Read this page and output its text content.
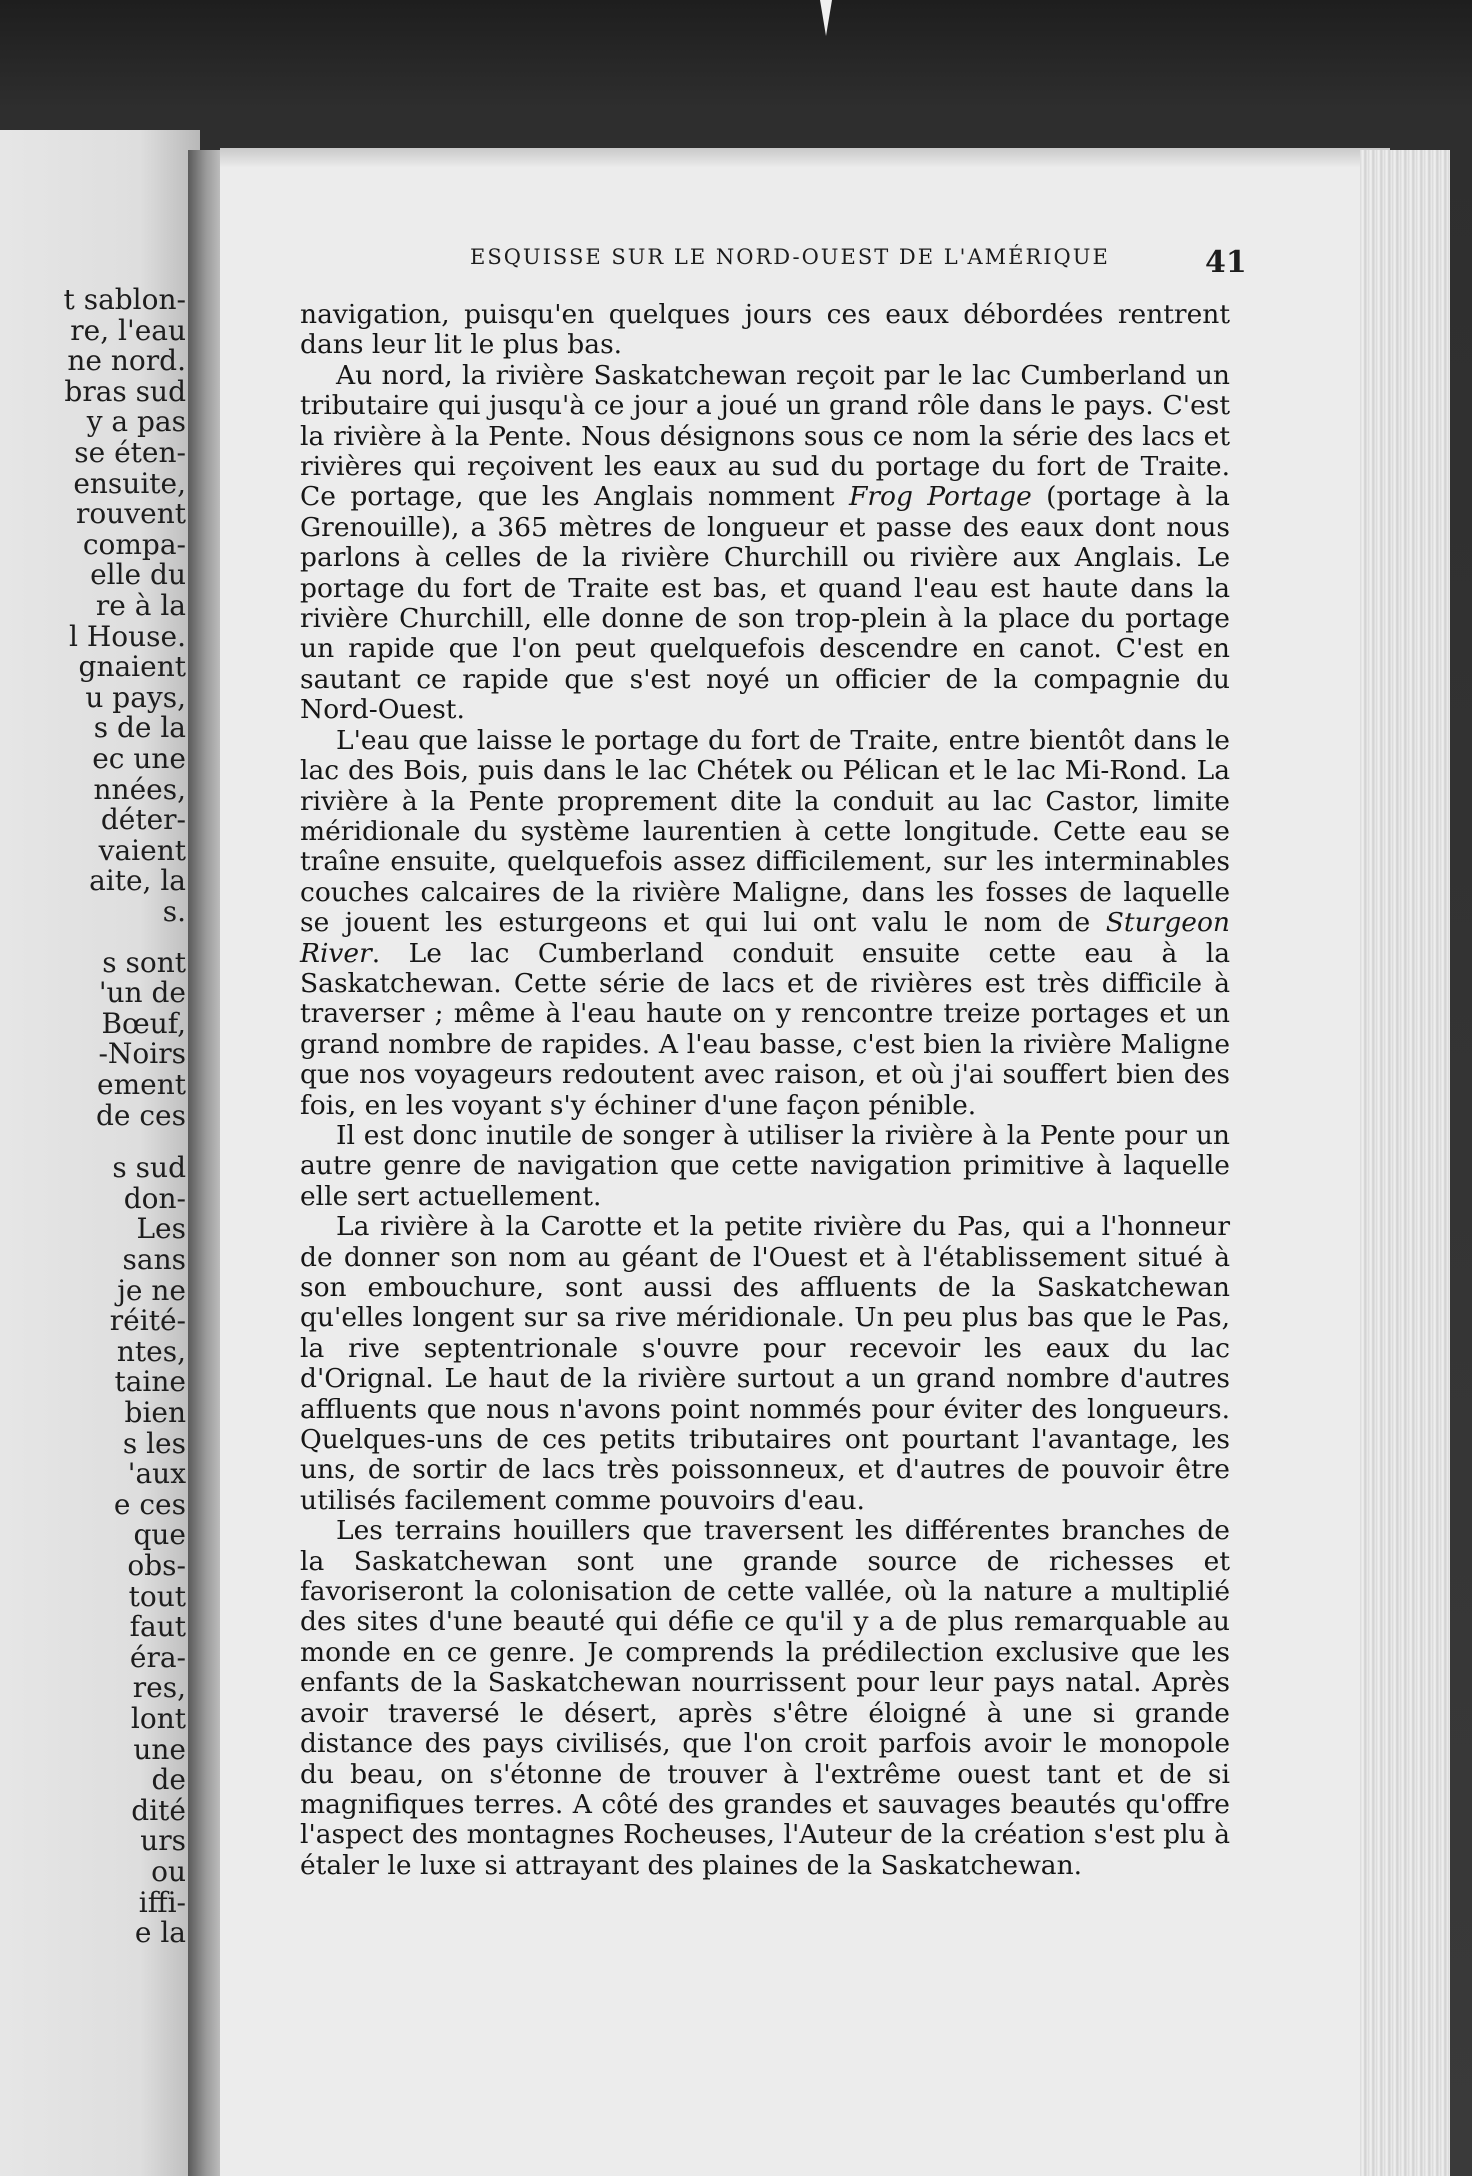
t sablon-
re, l'eau
ne nord.
bras sud
y a pas
se éten-
ensuite,
rouvent
compa-
elle du
re à la
l House.
gnaient
u pays,
s de la
ec une
nnées,
déter-
vaient
aite, la
s.
s sont
'un de
Bœuf,
-Noirs
ement
de ces
s sud
don-
Les
sans
je ne
réité-
ntes,
taine
bien
s les
'aux
e ces
que
obs-
tout
faut
éra-
res,
lont
une
de
dité
urs
ou
iffi-
e la
ESQUISSE SUR LE NORD-OUEST DE L'AMÉRIQUE	41

navigation, puisqu'en quelques jours ces eaux débordées rentrent dans leur lit le plus bas.

Au nord, la rivière Saskatchewan reçoit par le lac Cumberland un tributaire qui jusqu'à ce jour a joué un grand rôle dans le pays. C'est la rivière à la Pente. Nous désignons sous ce nom la série des lacs et rivières qui reçoivent les eaux au sud du portage du fort de Traite. Ce portage, que les Anglais nomment Frog Portage (portage à la Grenouille), a 365 mètres de longueur et passe des eaux dont nous parlons à celles de la rivière Churchill ou rivière aux Anglais. Le portage du fort de Traite est bas, et quand l'eau est haute dans la rivière Churchill, elle donne de son trop-plein à la place du portage un rapide que l'on peut quelquefois descendre en canot. C'est en sautant ce rapide que s'est noyé un officier de la compagnie du Nord-Ouest.

L'eau que laisse le portage du fort de Traite, entre bientôt dans le lac des Bois, puis dans le lac Chétek ou Pélican et le lac Mi-Rond. La rivière à la Pente proprement dite la conduit au lac Castor, limite méridionale du système laurentien à cette longitude. Cette eau se traîne ensuite, quelquefois assez difficilement, sur les interminables couches calcaires de la rivière Maligne, dans les fosses de laquelle se jouent les esturgeons et qui lui ont valu le nom de Sturgeon River. Le lac Cumberland conduit ensuite cette eau à la Saskatchewan. Cette série de lacs et de rivières est très difficile à traverser ; même à l'eau haute on y rencontre treize portages et un grand nombre de rapides. A l'eau basse, c'est bien la rivière Maligne que nos voyageurs redoutent avec raison, et où j'ai souffert bien des fois, en les voyant s'y échiner d'une façon pénible.

Il est donc inutile de songer à utiliser la rivière à la Pente pour un autre genre de navigation que cette navigation primitive à laquelle elle sert actuellement.

La rivière à la Carotte et la petite rivière du Pas, qui a l'honneur de donner son nom au géant de l'Ouest et à l'établissement situé à son embouchure, sont aussi des affluents de la Saskatchewan qu'elles longent sur sa rive méridionale. Un peu plus bas que le Pas, la rive septentrionale s'ouvre pour recevoir les eaux du lac d'Orignal. Le haut de la rivière surtout a un grand nombre d'autres affluents que nous n'avons point nommés pour éviter des longueurs. Quelques-uns de ces petits tributaires ont pourtant l'avantage, les uns, de sortir de lacs très poissonneux, et d'autres de pouvoir être utilisés facilement comme pouvoirs d'eau.

Les terrains houillers que traversent les différentes branches de la Saskatchewan sont une grande source de richesses et favoriseront la colonisation de cette vallée, où la nature a multiplié des sites d'une beauté qui défie ce qu'il y a de plus remarquable au monde en ce genre. Je comprends la prédilection exclusive que les enfants de la Saskatchewan nourrissent pour leur pays natal. Après avoir traversé le désert, après s'être éloigné à une si grande distance des pays civilisés, que l'on croit parfois avoir le monopole du beau, on s'étonne de trouver à l'extrême ouest tant et de si magnifiques terres. A côté des grandes et sauvages beautés qu'offre l'aspect des montagnes Rocheuses, l'Auteur de la création s'est plu à étaler le luxe si attrayant des plaines de la Saskatchewan.
